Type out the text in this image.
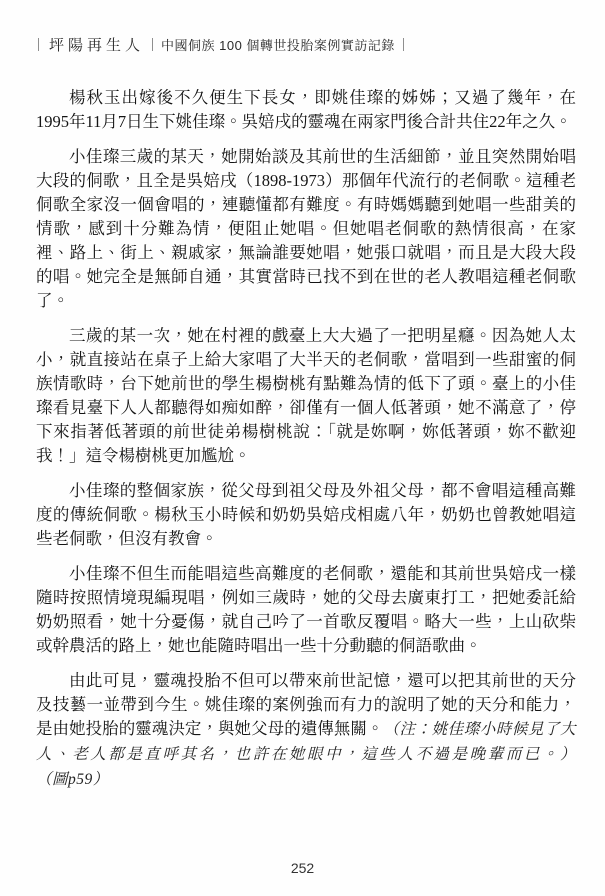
坪陽再生人 中國侗族 100 個轉世投胎案例實訪記錄

楊秋玉出嫁後不久便生下長女，即姚佳璨的姊姊；又過了幾年，在1995年11月7日生下姚佳璨。吳婄戌的靈魂在兩家門後合計共住22年之久。

小佳璨三歲的某天，她開始談及其前世的生活細節，並且突然開始唱大段的侗歌，且全是吳婄戌（1898-1973）那個年代流行的老侗歌。這種老侗歌全家沒一個會唱的，連聽懂都有難度。有時媽媽聽到她唱一些甜美的情歌，感到十分難為情，便阻止她唱。但她唱老侗歌的熱情很高，在家裡、路上、街上、親戚家，無論誰要她唱，她張口就唱，而且是大段大段的唱。她完全是無師自通，其實當時已找不到在世的老人教唱這種老侗歌了。

三歲的某一次，她在村裡的戲臺上大大過了一把明星癮。因為她人太小，就直接站在桌子上給大家唱了大半天的老侗歌，當唱到一些甜蜜的侗族情歌時，台下她前世的學生楊樹桃有點難為情的低下了頭。臺上的小佳璨看見臺下人人都聽得如痴如醉，卻僅有一個人低著頭，她不滿意了，停下來指著低著頭的前世徒弟楊樹桃說：「就是妳啊，妳低著頭，妳不歡迎我！」這令楊樹桃更加尷尬。

小佳璨的整個家族，從父母到祖父母及外祖父母，都不會唱這種高難度的傳統侗歌。楊秋玉小時候和奶奶吳婄戌相處八年，奶奶也曾教她唱這些老侗歌，但沒有教會。

小佳璨不但生而能唱這些高難度的老侗歌，還能和其前世吳婄戌一樣隨時按照情境現編現唱，例如三歲時，她的父母去廣東打工，把她委託給奶奶照看，她十分憂傷，就自己吟了一首歌反覆唱。略大一些，上山砍柴或幹農活的路上，她也能隨時唱出一些十分動聽的侗語歌曲。

由此可見，靈魂投胎不但可以帶來前世記憶，還可以把其前世的天分及技藝一並帶到今生。姚佳璨的案例強而有力的說明了她的天分和能力，是由她投胎的靈魂決定，與她父母的遺傳無關。（注：姚佳璨小時候見了大人、老人都是直呼其名，也許在她眼中，這些人不過是晚輩而已。）（圖p59）

252
